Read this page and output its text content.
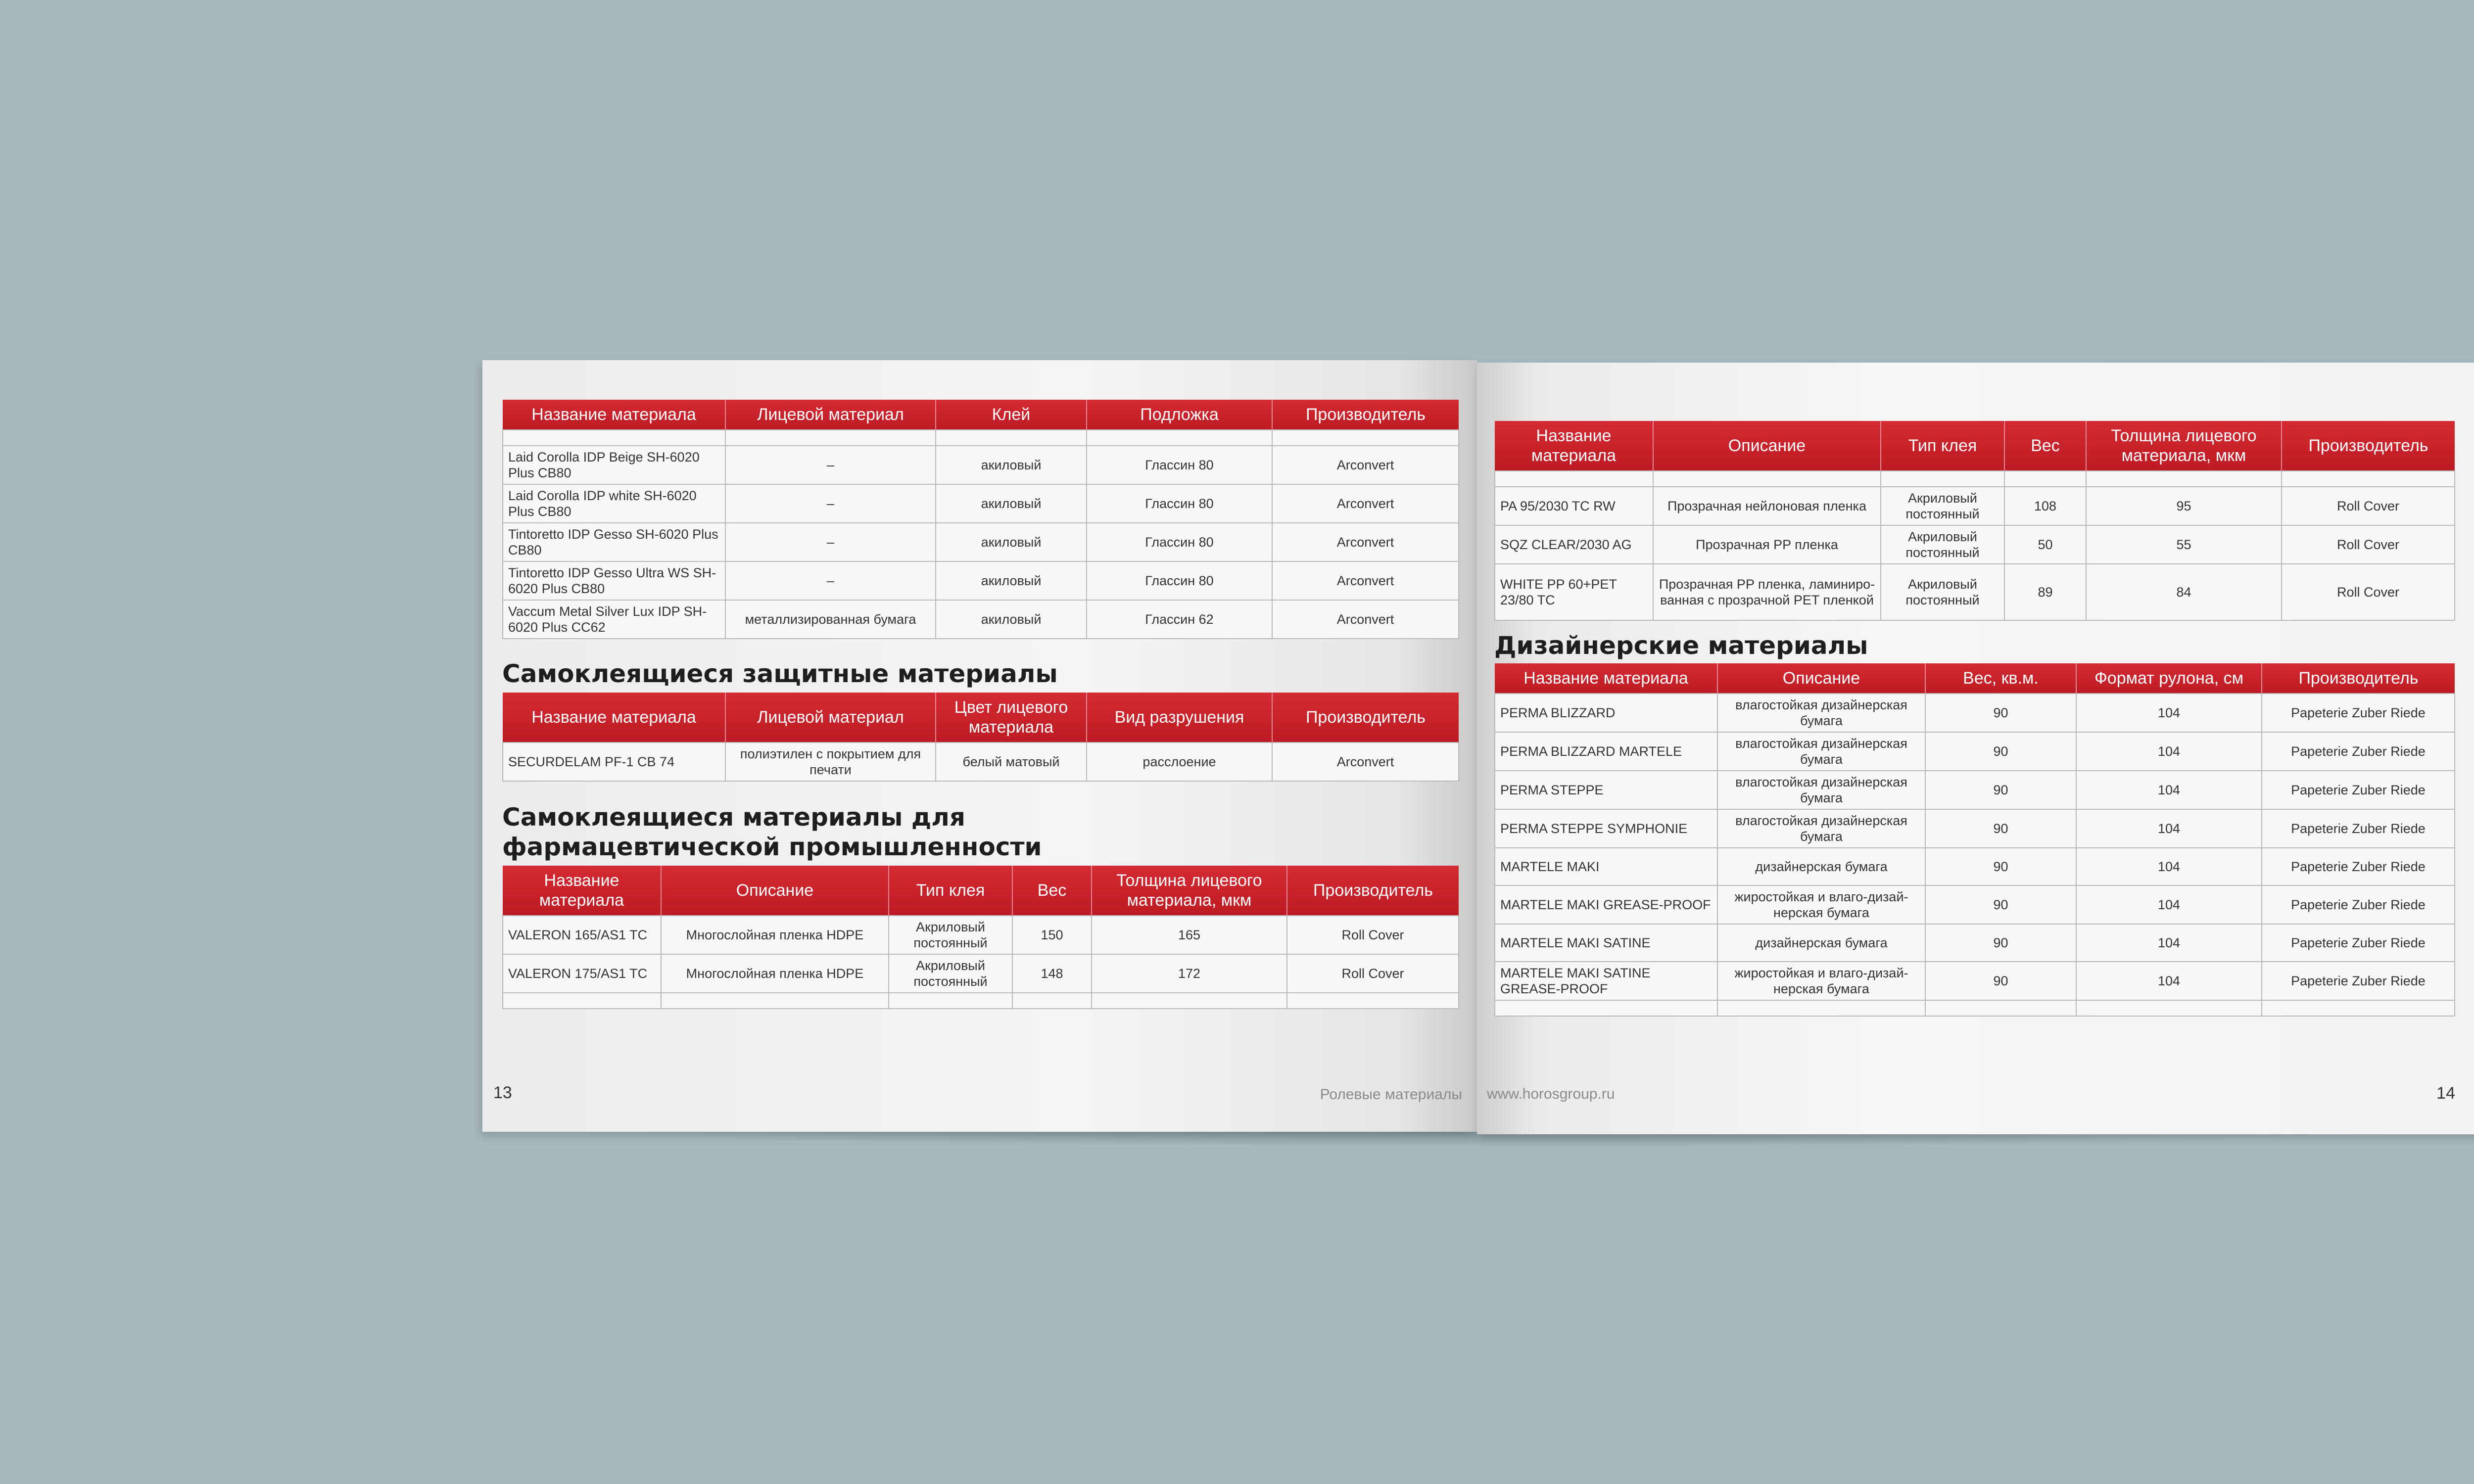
Название материала	Лицевой материал	Клей	Подложка	Производитель

Laid Corolla IDP Beige SH-6020 Plus CB80	–	акиловый	Глассин 80	Arconvert
Laid Corolla IDP white SH-6020 Plus CB80	–	акиловый	Глассин 80	Arconvert
Tintoretto IDP Gesso SH-6020 Plus CB80	–	акиловый	Глассин 80	Arconvert
Tintoretto IDP Gesso Ultra WS SH-6020 Plus CB80	–	акиловый	Глассин 80	Arconvert
Vaccum Metal Silver Lux IDP SH-6020 Plus CC62	металлизированная бумага	акиловый	Глассин 62	Arconvert
Самоклеящиеся защитные материалы
Название материала	Лицевой материал	Цвет лицевого материала	Вид разрушения	Производитель
SECURDELAM PF-1 CB 74	полиэтилен с покрытием для печати	белый матовый	расслоение	Arconvert
Самоклеящиеся материалы для
фармацевтической промышленности
Название материала	Описание	Тип клея	Вес	Толщина лицевого материала, мкм	Производитель
VALERON 165/AS1 TC	Многослойная пленка HDPE	Акриловый постоянный	150	165	Roll Cover
VALERON 175/AS1 TC	Многослойная пленка HDPE	Акриловый постоянный	148	172	Roll Cover

13	Ролевые материалы
Название материала	Описание	Тип клея	Вес	Толщина лицевого материала, мкм	Производитель

PA 95/2030 TC RW	Прозрачная нейлоновая пленка	Акриловый постоянный	108	95	Roll Cover
SQZ CLEAR/2030 AG	Прозрачная PP пленка	Акриловый постоянный	50	55	Roll Cover
WHITE PP 60+PET 23/80 TC	Прозрачная PP пленка, ламиниро-ванная с прозрачной PET пленкой	Акриловый постоянный	89	84	Roll Cover
Дизайнерские материалы
Название материала	Описание	Вес, кв.м.	Формат рулона, см	Производитель
PERMA BLIZZARD	влагостойкая дизайнерская бумага	90	104	Papeterie Zuber Riede
PERMA BLIZZARD MARTELE	влагостойкая дизайнерская бумага	90	104	Papeterie Zuber Riede
PERMA STEPPE	влагостойкая дизайнерская бумага	90	104	Papeterie Zuber Riede
PERMA STEPPE SYMPHONIE	влагостойкая дизайнерская бумага	90	104	Papeterie Zuber Riede
MARTELE MAKI	дизайнерская бумага	90	104	Papeterie Zuber Riede
MARTELE MAKI GREASE-PROOF	жиростойкая и влаго-дизай-нерская бумага	90	104	Papeterie Zuber Riede
MARTELE MAKI SATINE	дизайнерская бумага	90	104	Papeterie Zuber Riede
MARTELE MAKI SATINE GREASE-PROOF	жиростойкая и влаго-дизай-нерская бумага	90	104	Papeterie Zuber Riede

www.horosgroup.ru	14
